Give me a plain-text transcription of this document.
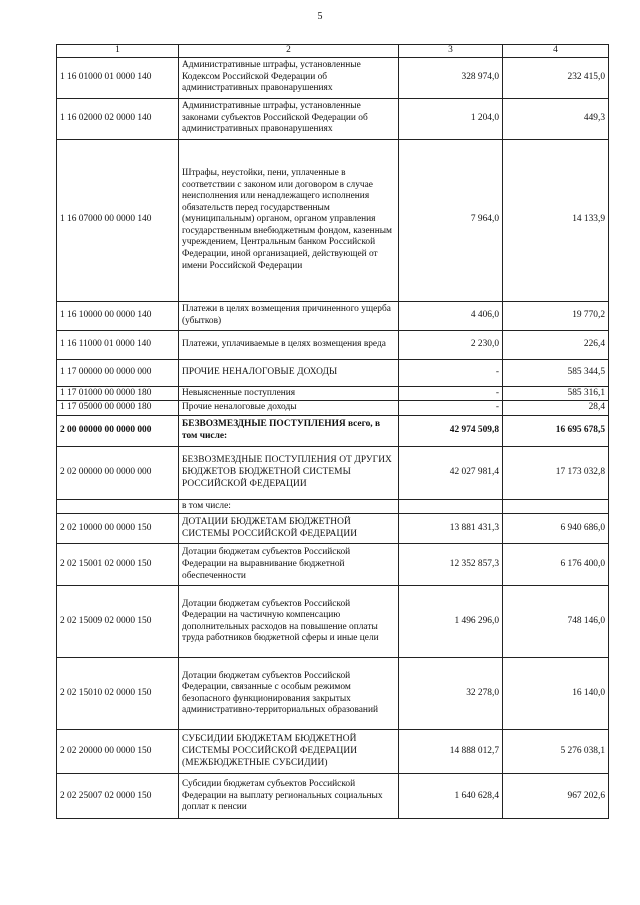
5
1	2	3	4
1 16 01000 01 0000 140	Административные штрафы, установленные Кодексом Российской Федерации об административных правонарушениях	328 974,0	232 415,0
1 16 02000 02 0000 140	Административные штрафы, установленные законами субъектов Российской Федерации об административных правонарушениях	1 204,0	449,3
1 16 07000 00 0000 140	Штрафы, неустойки, пени, уплаченные в соответствии с законом или договором в случае неисполнения или ненадлежащего исполнения обязательств перед государственным (муниципальным) органом, органом управления государственным внебюджетным фондом, казенным учреждением, Центральным банком Российской Федерации, иной организацией, действующей от имени Российской Федерации	7 964,0	14 133,9
1 16 10000 00 0000 140	Платежи в целях возмещения причиненного ущерба (убытков)	4 406,0	19 770,2
1 16 11000 01 0000 140	Платежи, уплачиваемые в целях возмещения вреда	2 230,0	226,4
1 17 00000 00 0000 000	ПРОЧИЕ НЕНАЛОГОВЫЕ ДОХОДЫ	-	585 344,5
1 17 01000 00 0000 180	Невыясненные поступления	-	585 316,1
1 17 05000 00 0000 180	Прочие неналоговые доходы	-	28,4
2 00 00000 00 0000 000	БЕЗВОЗМЕЗДНЫЕ ПОСТУПЛЕНИЯ всего, в том числе:	42 974 509,8	16 695 678,5
2 02 00000 00 0000 000	БЕЗВОЗМЕЗДНЫЕ ПОСТУПЛЕНИЯ ОТ ДРУГИХ БЮДЖЕТОВ БЮДЖЕТНОЙ СИСТЕМЫ РОССИЙСКОЙ ФЕДЕРАЦИИ	42 027 981,4	17 173 032,8
	в том числе:		
2 02 10000 00 0000 150	ДОТАЦИИ БЮДЖЕТАМ БЮДЖЕТНОЙ СИСТЕМЫ РОССИЙСКОЙ ФЕДЕРАЦИИ	13 881 431,3	6 940 686,0
2 02 15001 02 0000 150	Дотации бюджетам субъектов Российской Федерации на выравнивание бюджетной обеспеченности	12 352 857,3	6 176 400,0
2 02 15009 02 0000 150	Дотации бюджетам субъектов Российской Федерации на частичную компенсацию дополнительных расходов на повышение оплаты труда работников бюджетной сферы и иные цели	1 496 296,0	748 146,0
2 02 15010 02 0000 150	Дотации бюджетам субъектов Российской Федерации, связанные с особым режимом безопасного функционирования закрытых административно-территориальных образований	32 278,0	16 140,0
2 02 20000 00 0000 150	СУБСИДИИ БЮДЖЕТАМ БЮДЖЕТНОЙ СИСТЕМЫ РОССИЙСКОЙ ФЕДЕРАЦИИ (МЕЖБЮДЖЕТНЫЕ СУБСИДИИ)	14 888 012,7	5 276 038,1
2 02 25007 02 0000 150	Субсидии бюджетам субъектов Российской Федерации на выплату региональных социальных доплат к пенсии	1 640 628,4	967 202,6
